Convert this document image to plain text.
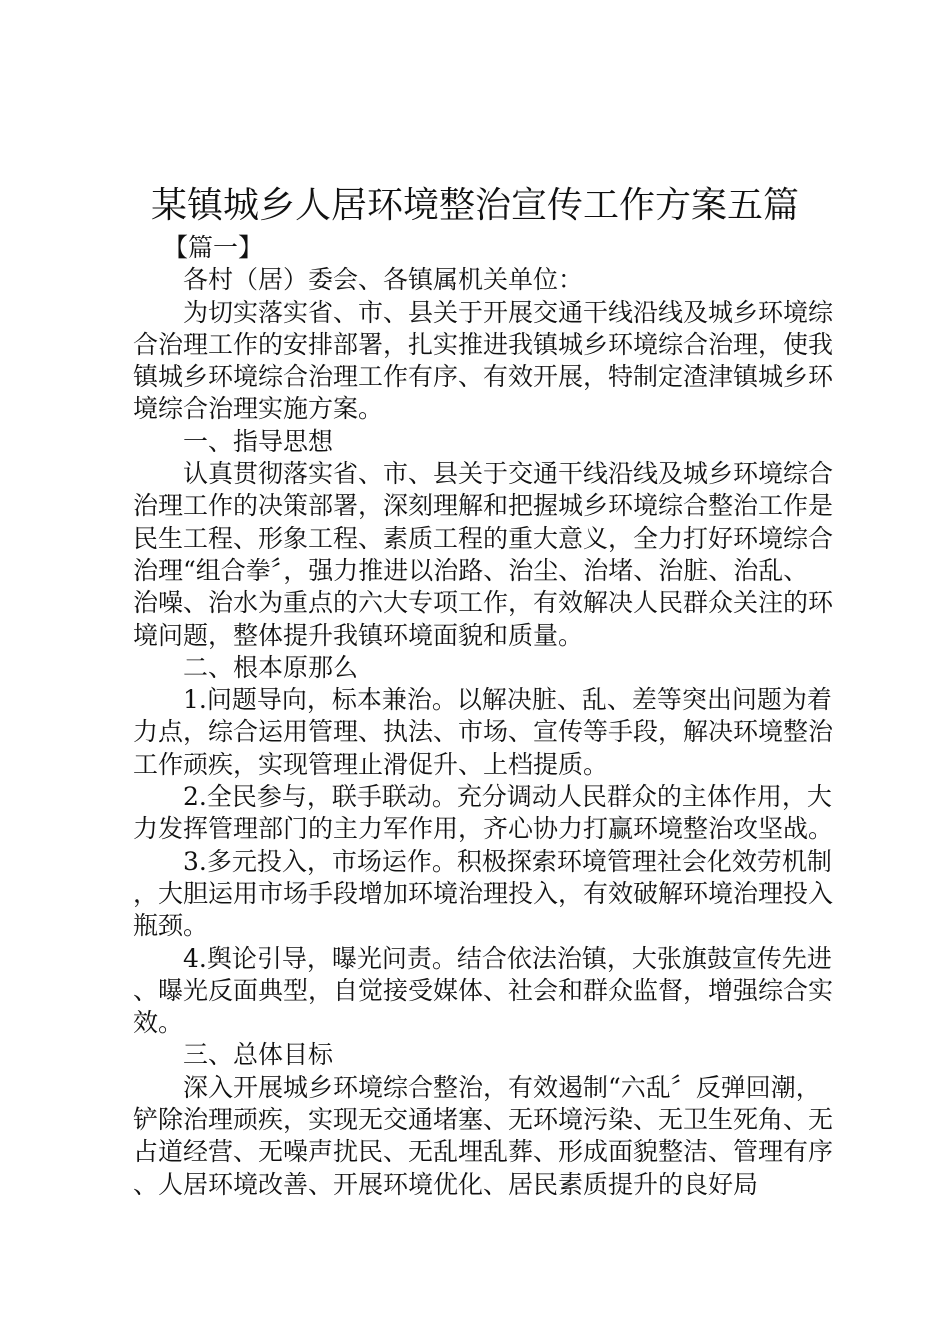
某镇城乡人居环境整治宣传工作方案五篇

【篇一】

各村（居）委会、各镇属机关单位：

为切实落实省、市、县关于开展交通干线沿线及城乡环境综合治理工作的安排部署，扎实推进我镇城乡环境综合治理，使我镇城乡环境综合治理工作有序、有效开展，特制定渣津镇城乡环境综合治理实施方案。

一、指导思想

认真贯彻落实省、市、县关于交通干线沿线及城乡环境综合治理工作的决策部署，深刻理解和把握城乡环境综合整治工作是民生工程、形象工程、素质工程的重大意义，全力打好环境综合治理“组合拳〞，强力推进以治路、治尘、治堵、治脏、治乱、治噪、治水为重点的六大专项工作，有效解决人民群众关注的环境问题，整体提升我镇环境面貌和质量。

二、根本原那么

1.问题导向，标本兼治。以解决脏、乱、差等突出问题为着力点，综合运用管理、执法、市场、宣传等手段，解决环境整治工作顽疾，实现管理止滑促升、上档提质。

2.全民参与，联手联动。充分调动人民群众的主体作用，大力发挥管理部门的主力军作用，齐心协力打赢环境整治攻坚战。

3.多元投入，市场运作。积极探索环境管理社会化效劳机制，大胆运用市场手段增加环境治理投入，有效破解环境治理投入瓶颈。

4.舆论引导，曝光问责。结合依法治镇，大张旗鼓宣传先进、曝光反面典型，自觉接受媒体、社会和群众监督，增强综合实效。

三、总体目标

深入开展城乡环境综合整治，有效遏制“六乱〞反弹回潮，铲除治理顽疾，实现无交通堵塞、无环境污染、无卫生死角、无占道经营、无噪声扰民、无乱埋乱葬、形成面貌整洁、管理有序、人居环境改善、开展环境优化、居民素质提升的良好局
